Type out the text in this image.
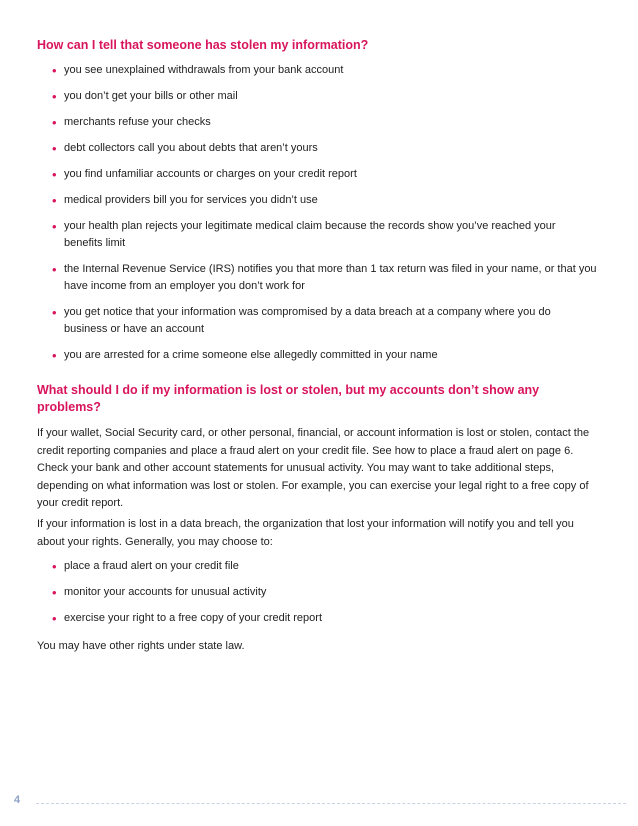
How can I tell that someone has stolen my information?
• you see unexplained withdrawals from your bank account
• you don’t get your bills or other mail
• merchants refuse your checks
• debt collectors call you about debts that aren’t yours
• you find unfamiliar accounts or charges on your credit report
• medical providers bill you for services you didn’t use
• your health plan rejects your legitimate medical claim because the records show you’ve reached your benefits limit
• the Internal Revenue Service (IRS) notifies you that more than 1 tax return was filed in your name, or that you have income from an employer you don’t work for
• you get notice that your information was compromised by a data breach at a company where you do business or have an account
• you are arrested for a crime someone else allegedly committed in your name
What should I do if my information is lost or stolen, but my accounts don’t show any problems?

If your wallet, Social Security card, or other personal, financial, or account information is lost or stolen, contact the credit reporting companies and place a fraud alert on your credit file. See how to place a fraud alert on page 6. Check your bank and other account statements for unusual activity. You may want to take additional steps, depending on what information was lost or stolen. For example, you can exercise your legal right to a free copy of your credit report.

If your information is lost in a data breach, the organization that lost your information will notify you and tell you about your rights. Generally, you may choose to:

• place a fraud alert on your credit file
• monitor your accounts for unusual activity
• exercise your right to a free copy of your credit report

You may have other rights under state law.

4
